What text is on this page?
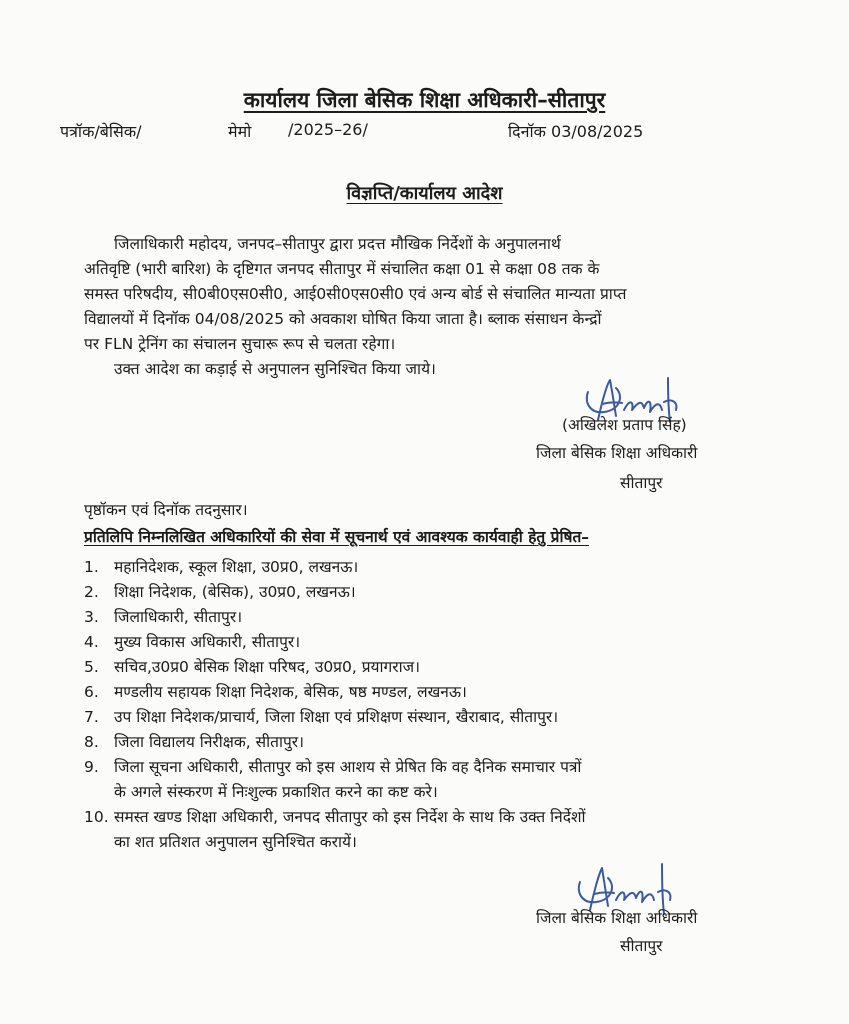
कार्यालय जिला बेसिक शिक्षा अधिकारी–सीतापुर
पत्रॉक/बेसिक/	मेमो /2025–26/	दिनॉक 03/08/2025
विज्ञप्ति/कार्यालय आदेश

जिलाधिकारी महोदय, जनपद–सीतापुर द्वारा प्रदत्त मौखिक निर्देशों के अनुपालनार्थ

अतिवृष्टि (भारी बारिश) के दृष्टिगत जनपद सीतापुर में संचालित कक्षा 01 से कक्षा 08 तक के

समस्त परिषदीय, सी0बी0एस0सी0, आई0सी0एस0सी0 एवं अन्य बोर्ड से संचालित मान्यता प्राप्त

विद्यालयों में दिनॉक 04/08/2025 को अवकाश घोषित किया जाता है। ब्लाक संसाधन केन्द्रों

पर FLN ट्रेनिंग का संचालन सुचारू रूप से चलता रहेगा।

उक्त आदेश का कड़ाई से अनुपालन सुनिश्चित किया जाये।

(अखिलेश प्रताप सिंह)
जिला बेसिक शिक्षा अधिकारी
सीतापुर
पृष्ठॉकन एवं दिनॉक तदनुसार।
प्रतिलिपि निम्नलिखित अधिकारियों की सेवा में सूचनार्थ एवं आवश्यक कार्यवाही हेतु प्रेषित–
1. महानिदेशक, स्कूल शिक्षा, उ0प्र0, लखनऊ।
2. शिक्षा निदेशक, (बेसिक), उ0प्र0, लखनऊ।
3. जिलाधिकारी, सीतापुर।
4. मुख्य विकास अधिकारी, सीतापुर।
5. सचिव,उ0प्र0 बेसिक शिक्षा परिषद, उ0प्र0, प्रयागराज।
6. मण्डलीय सहायक शिक्षा निदेशक, बेसिक, षष्ठ मण्डल, लखनऊ।
7. उप शिक्षा निदेशक/प्राचार्य, जिला शिक्षा एवं प्रशिक्षण संस्थान, खैराबाद, सीतापुर।
8. जिला विद्यालय निरीक्षक, सीतापुर।
9. जिला सूचना अधिकारी, सीतापुर को इस आशय से प्रेषित कि वह दैनिक समाचार पत्रों
के अगले संस्करण में निःशुल्क प्रकाशित करने का कष्ट करे।
10. समस्त खण्ड शिक्षा अधिकारी, जनपद सीतापुर को इस निर्देश के साथ कि उक्त निर्देशों
का शत प्रतिशत अनुपालन सुनिश्चित करायें।
जिला बेसिक शिक्षा अधिकारी
सीतापुर
